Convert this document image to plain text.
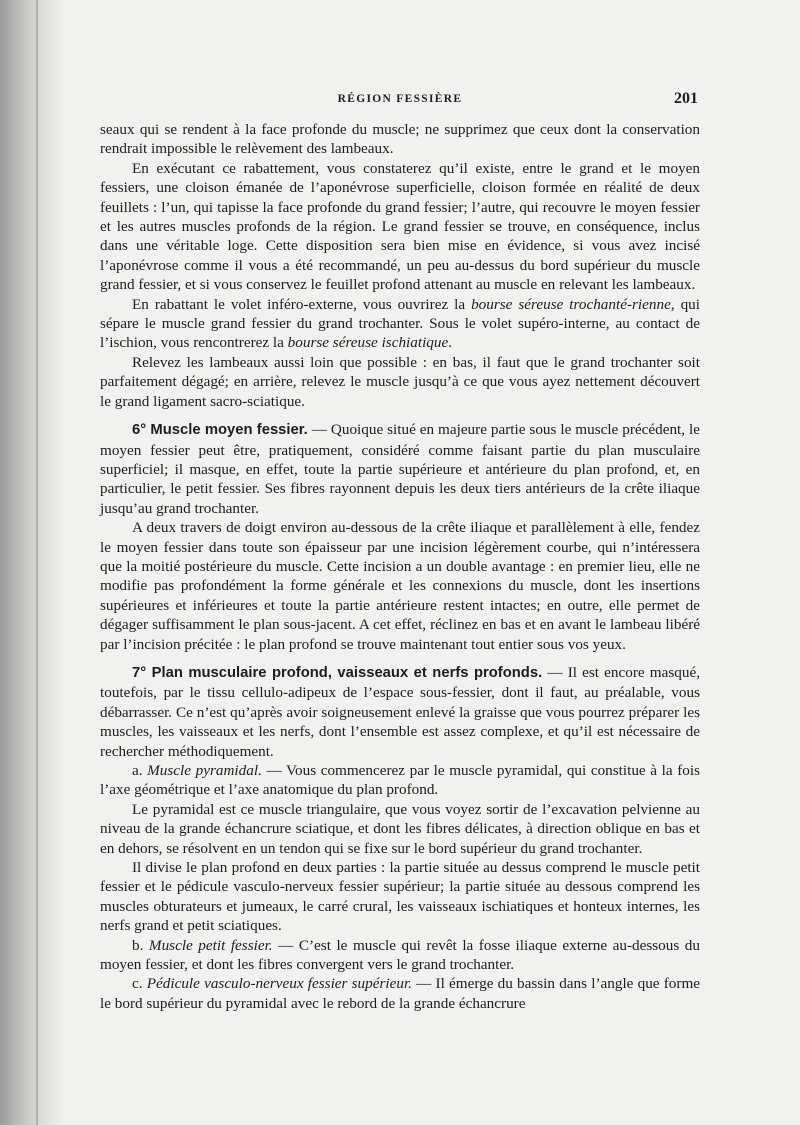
RÉGION FESSIÈRE	201

seaux qui se rendent à la face profonde du muscle; ne supprimez que ceux dont la conservation rendrait impossible le relèvement des lambeaux.

En exécutant ce rabattement, vous constaterez qu’il existe, entre le grand et le moyen fessiers, une cloison émanée de l’aponévrose superficielle, cloison formée en réalité de deux feuillets : l’un, qui tapisse la face profonde du grand fessier; l’autre, qui recouvre le moyen fessier et les autres muscles profonds de la région. Le grand fessier se trouve, en conséquence, inclus dans une véritable loge. Cette disposition sera bien mise en évidence, si vous avez incisé l’aponévrose comme il vous a été recommandé, un peu au-dessus du bord supérieur du muscle grand fessier, et si vous conservez le feuillet profond attenant au muscle en relevant les lambeaux.

En rabattant le volet inféro-externe, vous ouvrirez la bourse séreuse trochanté-rienne, qui sépare le muscle grand fessier du grand trochanter. Sous le volet supéro-interne, au contact de l’ischion, vous rencontrerez la bourse séreuse ischiatique.

Relevez les lambeaux aussi loin que possible : en bas, il faut que le grand trochanter soit parfaitement dégagé; en arrière, relevez le muscle jusqu’à ce que vous ayez nettement découvert le grand ligament sacro-sciatique.

6° Muscle moyen fessier. — Quoique situé en majeure partie sous le muscle précédent, le moyen fessier peut être, pratiquement, considéré comme faisant partie du plan musculaire superficiel; il masque, en effet, toute la partie supérieure et antérieure du plan profond, et, en particulier, le petit fessier. Ses fibres rayonnent depuis les deux tiers antérieurs de la crête iliaque jusqu’au grand trochanter.

A deux travers de doigt environ au-dessous de la crête iliaque et parallèlement à elle, fendez le moyen fessier dans toute son épaisseur par une incision légèrement courbe, qui n’intéressera que la moitié postérieure du muscle. Cette incision a un double avantage : en premier lieu, elle ne modifie pas profondément la forme générale et les connexions du muscle, dont les insertions supérieures et inférieures et toute la partie antérieure restent intactes; en outre, elle permet de dégager suffisamment le plan sous-jacent. A cet effet, réclinez en bas et en avant le lambeau libéré par l’incision précitée : le plan profond se trouve maintenant tout entier sous vos yeux.

7° Plan musculaire profond, vaisseaux et nerfs profonds. — Il est encore masqué, toutefois, par le tissu cellulo-adipeux de l’espace sous-fessier, dont il faut, au préalable, vous débarrasser. Ce n’est qu’après avoir soigneusement enlevé la graisse que vous pourrez préparer les muscles, les vaisseaux et les nerfs, dont l’ensemble est assez complexe, et qu’il est nécessaire de rechercher méthodiquement.

a. Muscle pyramidal. — Vous commencerez par le muscle pyramidal, qui constitue à la fois l’axe géométrique et l’axe anatomique du plan profond.

Le pyramidal est ce muscle triangulaire, que vous voyez sortir de l’excavation pelvienne au niveau de la grande échancrure sciatique, et dont les fibres délicates, à direction oblique en bas et en dehors, se résolvent en un tendon qui se fixe sur le bord supérieur du grand trochanter.

Il divise le plan profond en deux parties : la partie située au dessus comprend le muscle petit fessier et le pédicule vasculo-nerveux fessier supérieur; la partie située au dessous comprend les muscles obturateurs et jumeaux, le carré crural, les vaisseaux ischiatiques et honteux internes, les nerfs grand et petit sciatiques.

b. Muscle petit fessier. — C’est le muscle qui revêt la fosse iliaque externe au-dessous du moyen fessier, et dont les fibres convergent vers le grand trochanter.

c. Pédicule vasculo-nerveux fessier supérieur. — Il émerge du bassin dans l’angle que forme le bord supérieur du pyramidal avec le rebord de la grande échancrure
